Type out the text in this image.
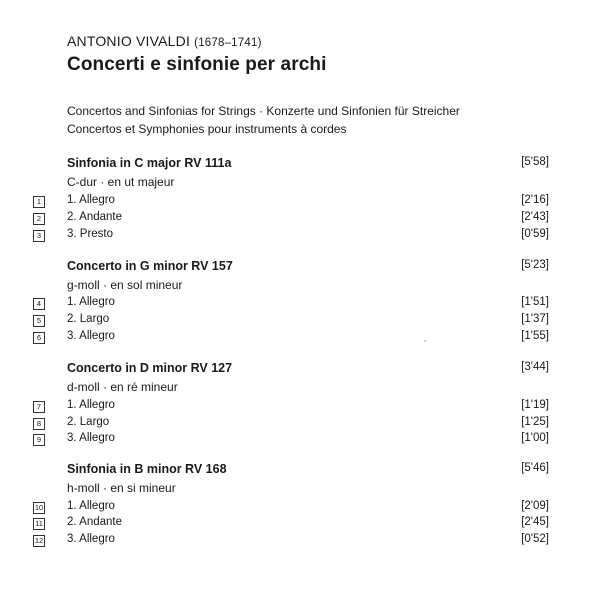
ANTONIO VIVALDI (1678–1741)
Concerti e sinfonie per archi
Concertos and Sinfonias for Strings · Konzerte und Sinfonien für Streicher
Concertos et Symphonies pour instruments à cordes
Sinfonia in C major RV 111a	[5'58]
C-dur · en ut majeur
1	1. Allegro	[2'16]
2	2. Andante	[2'43]
3	3. Presto	[0'59]
Concerto in G minor RV 157	[5'23]
g-moll · en sol mineur
4	1. Allegro	[1'51]
5	2. Largo	[1'37]
6	3. Allegro	[1'55]
Concerto in D minor RV 127	[3'44]
d-moll · en ré mineur
7	1. Allegro	[1'19]
8	2. Largo	[1'25]
9	3. Allegro	[1'00]
Sinfonia in B minor RV 168	[5'46]
h-moll · en si mineur
10 1. Allegro	[2'09]
11 2. Andante	[2'45]
12 3. Allegro	[0'52]
